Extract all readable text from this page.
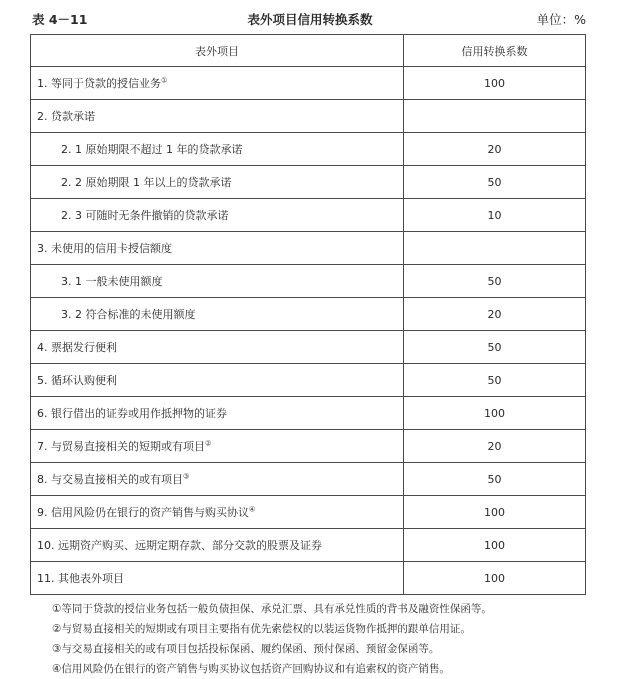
表 4－11	表外项目信用转换系数	单位：%
表外项目	信用转换系数
1. 等同于贷款的授信业务①	100
2. 贷款承诺	
2. 1 原始期限不超过 1 年的贷款承诺	20
2. 2 原始期限 1 年以上的贷款承诺	50
2. 3 可随时无条件撤销的贷款承诺	10
3. 未使用的信用卡授信额度	
3. 1 一般未使用额度	50
3. 2 符合标准的未使用额度	20
4. 票据发行便利	50
5. 循环认购便利	50
6. 银行借出的证券或用作抵押物的证券	100
7. 与贸易直接相关的短期或有项目②	20
8. 与交易直接相关的或有项目③	50
9. 信用风险仍在银行的资产销售与购买协议④	100
10. 远期资产购买、远期定期存款、部分交款的股票及证券	100
11. 其他表外项目	100
①等同于贷款的授信业务包括一般负债担保、承兑汇票、具有承兑性质的背书及融资性保函等。
②与贸易直接相关的短期或有项目主要指有优先索偿权的以装运货物作抵押的跟单信用证。
③与交易直接相关的或有项目包括投标保函、履约保函、预付保函、预留金保函等。
④信用风险仍在银行的资产销售与购买协议包括资产回购协议和有追索权的资产销售。
